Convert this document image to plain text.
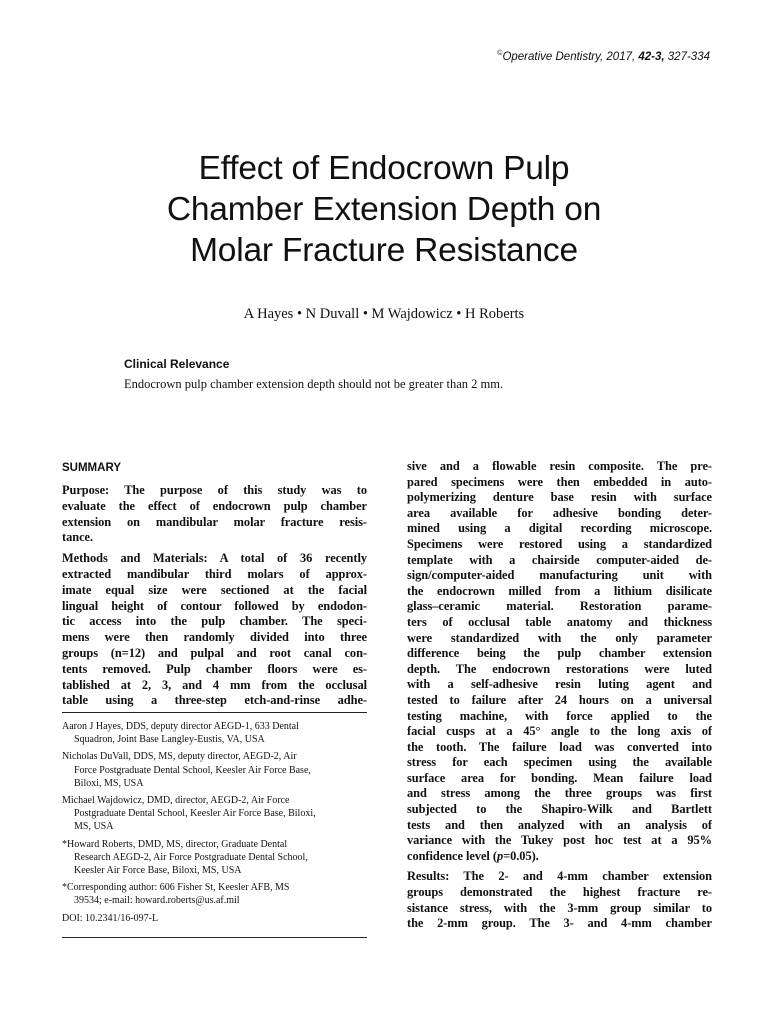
©Operative Dentistry, 2017, 42-3, 327-334
Effect of Endocrown Pulp
Chamber Extension Depth on
Molar Fracture Resistance
A Hayes • N Duvall • M Wajdowicz • H Roberts
Clinical Relevance
Endocrown pulp chamber extension depth should not be greater than 2 mm.
SUMMARY
Purpose: The purpose of this study was to
evaluate the effect of endocrown pulp chamber
extension on mandibular molar fracture resis-
tance.
Methods and Materials: A total of 36 recently
extracted mandibular third molars of approx-
imate equal size were sectioned at the facial
lingual height of contour followed by endodon-
tic access into the pulp chamber. The speci-
mens were then randomly divided into three
groups (n=12) and pulpal and root canal con-
tents removed. Pulp chamber floors were es-
tablished at 2, 3, and 4 mm from the occlusal
table using a three-step etch-and-rinse adhe-
Aaron J Hayes, DDS, deputy director AEGD-1, 633 Dental
Squadron, Joint Base Langley-Eustis, VA, USA
Nicholas DuVall, DDS, MS, deputy director, AEGD-2, Air
Force Postgraduate Dental School, Keesler Air Force Base,
Biloxi, MS, USA
Michael Wajdowicz, DMD, director, AEGD-2, Air Force
Postgraduate Dental School, Keesler Air Force Base, Biloxi,
MS, USA
*Howard Roberts, DMD, MS, director, Graduate Dental
Research AEGD-2, Air Force Postgraduate Dental School,
Keesler Air Force Base, Biloxi, MS, USA
*Corresponding author: 606 Fisher St, Keesler AFB, MS
39534; e-mail: howard.roberts@us.af.mil
DOI: 10.2341/16-097-L
sive and a flowable resin composite. The pre-
pared specimens were then embedded in auto-
polymerizing denture base resin with surface
area available for adhesive bonding deter-
mined using a digital recording microscope.
Specimens were restored using a standardized
template with a chairside computer-aided de-
sign/computer-aided manufacturing unit with
the endocrown milled from a lithium disilicate
glass–ceramic material. Restoration parame-
ters of occlusal table anatomy and thickness
were standardized with the only parameter
difference being the pulp chamber extension
depth. The endocrown restorations were luted
with a self-adhesive resin luting agent and
tested to failure after 24 hours on a universal
testing machine, with force applied to the
facial cusps at a 45° angle to the long axis of
the tooth. The failure load was converted into
stress for each specimen using the available
surface area for bonding. Mean failure load
and stress among the three groups was first
subjected to the Shapiro-Wilk and Bartlett
tests and then analyzed with an analysis of
variance with the Tukey post hoc test at a 95%
confidence level (p=0.05).
Results: The 2- and 4-mm chamber extension
groups demonstrated the highest fracture re-
sistance stress, with the 3-mm group similar to
the 2-mm group. The 3- and 4-mm chamber
